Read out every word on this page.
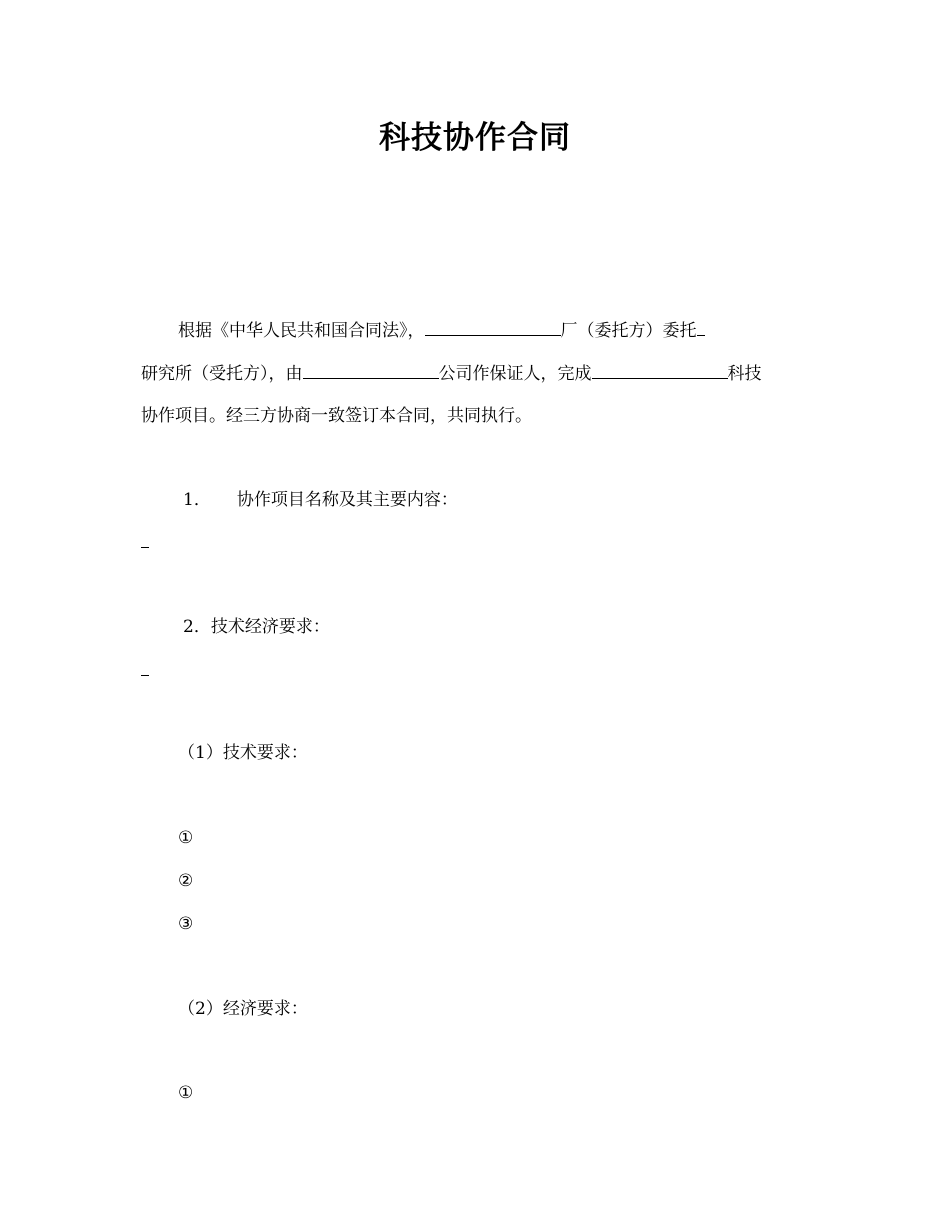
科技协作合同
根据《中华人民共和国合同法》，	厂（委托方）委托
研究所（受托方），由	公司作保证人，完成	科技
协作项目。经三方协商一致签订本合同，共同执行。
1． 协作项目名称及其主要内容：
2．技术经济要求：
（1）技术要求：
①
②
③
（2）经济要求：
①
